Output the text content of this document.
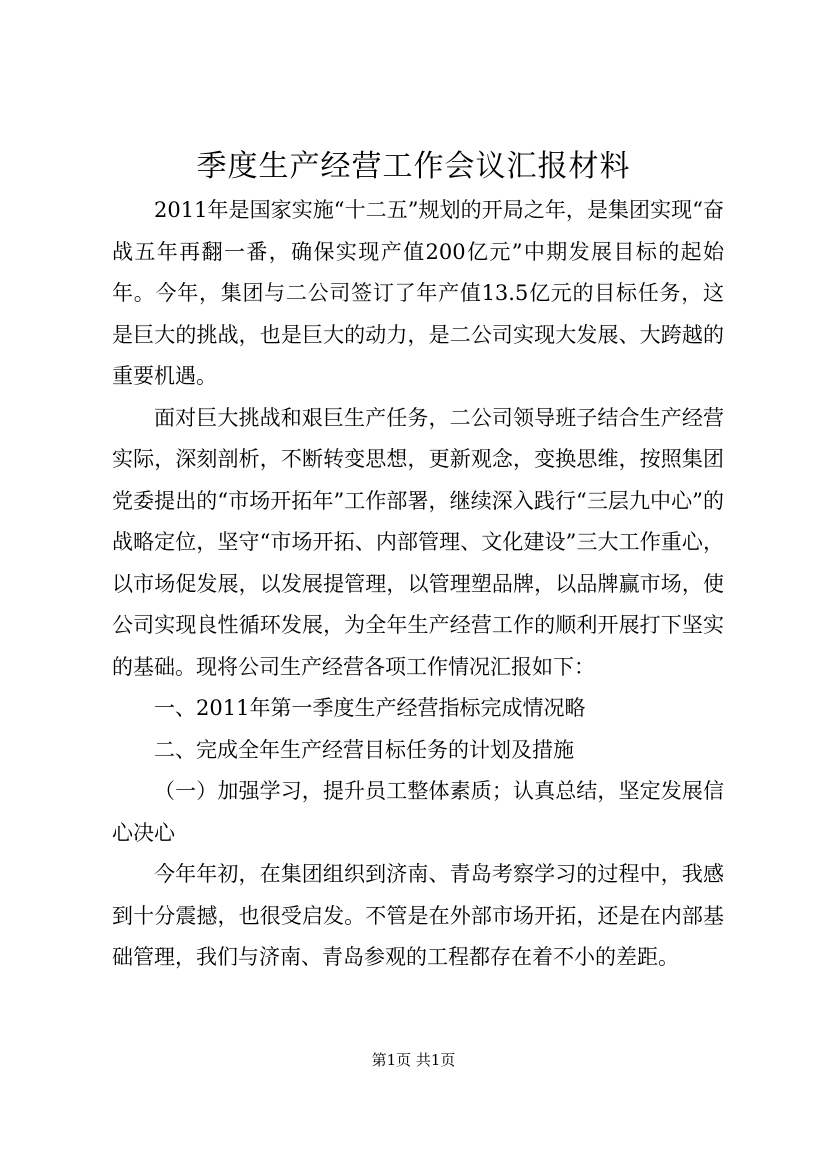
季度生产经营工作会议汇报材料

2011年是国家实施“十二五”规划的开局之年，是集团实现“奋战五年再翻一番，确保实现产值200亿元”中期发展目标的起始年。今年，集团与二公司签订了年产值13.5亿元的目标任务，这是巨大的挑战，也是巨大的动力，是二公司实现大发展、大跨越的重要机遇。

面对巨大挑战和艰巨生产任务，二公司领导班子结合生产经营实际，深刻剖析，不断转变思想，更新观念，变换思维，按照集团党委提出的“市场开拓年”工作部署，继续深入践行“三层九中心”的战略定位，坚守“市场开拓、内部管理、文化建设”三大工作重心，以市场促发展，以发展提管理，以管理塑品牌，以品牌赢市场，使公司实现良性循环发展，为全年生产经营工作的顺利开展打下坚实的基础。现将公司生产经营各项工作情况汇报如下：

一、2011年第一季度生产经营指标完成情况略

二、完成全年生产经营目标任务的计划及措施

（一）加强学习，提升员工整体素质；认真总结，坚定发展信心决心

今年年初，在集团组织到济南、青岛考察学习的过程中，我感到十分震撼，也很受启发。不管是在外部市场开拓，还是在内部基础管理，我们与济南、青岛参观的工程都存在着不小的差距。

第1页 共1页
